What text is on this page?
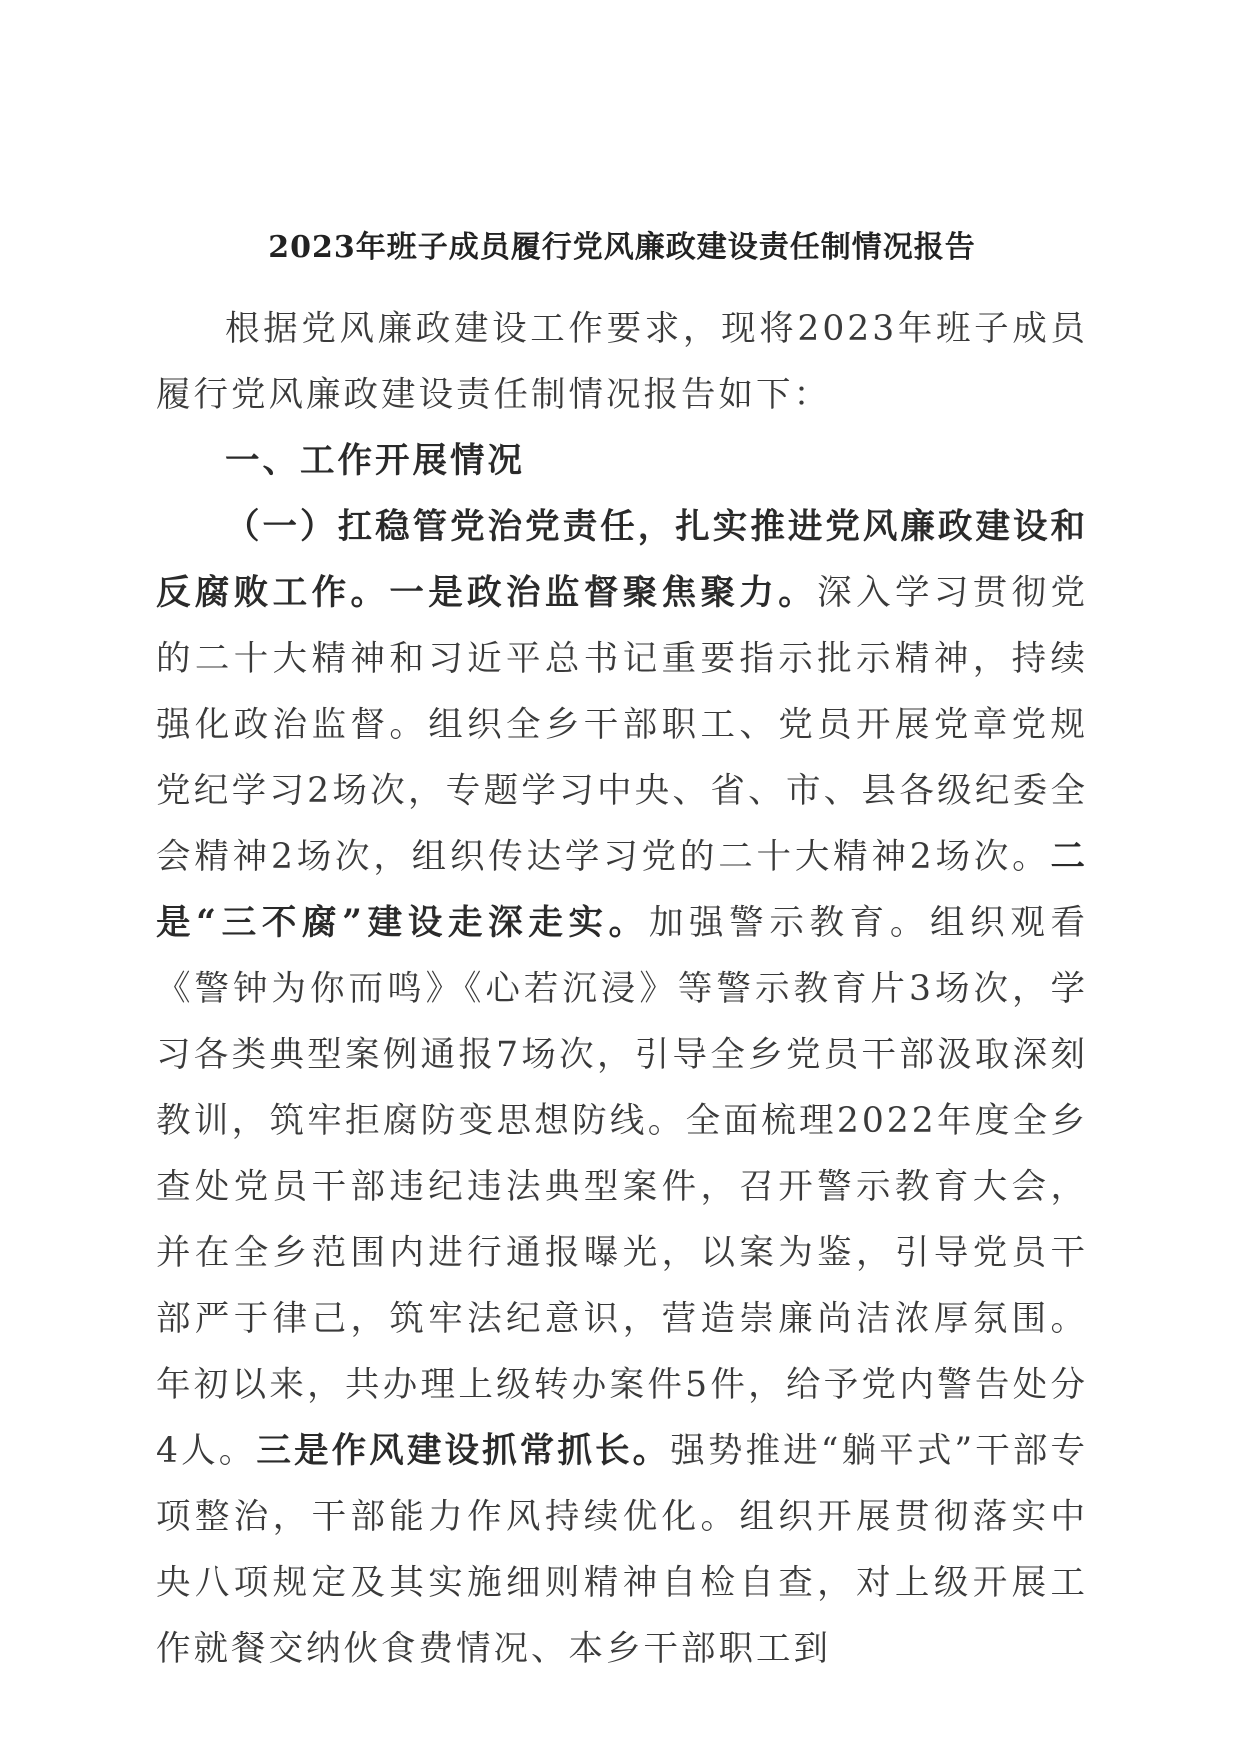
2023年班子成员履行党风廉政建设责任制情况报告

根据党风廉政建设工作要求，现将2023年班子成员履行党风廉政建设责任制情况报告如下：

一、工作开展情况

（一）扛稳管党治党责任，扎实推进党风廉政建设和反腐败工作。一是政治监督聚焦聚力。深入学习贯彻党的二十大精神和习近平总书记重要指示批示精神，持续强化政治监督。组织全乡干部职工、党员开展党章党规党纪学习2场次，专题学习中央、省、市、县各级纪委全会精神2场次，组织传达学习党的二十大精神2场次。二是“三不腐”建设走深走实。加强警示教育。组织观看《警钟为你而鸣》《心若沉浸》等警示教育片3场次，学习各类典型案例通报7场次，引导全乡党员干部汲取深刻教训，筑牢拒腐防变思想防线。全面梳理2022年度全乡查处党员干部违纪违法典型案件，召开警示教育大会，并在全乡范围内进行通报曝光，以案为鉴，引导党员干部严于律己，筑牢法纪意识，营造崇廉尚洁浓厚氛围。年初以来，共办理上级转办案件5件，给予党内警告处分4人。三是作风建设抓常抓长。强势推进“躺平式”干部专项整治，干部能力作风持续优化。组织开展贯彻落实中央八项规定及其实施细则精神自检自查，对上级开展工作就餐交纳伙食费情况、本乡干部职工到
